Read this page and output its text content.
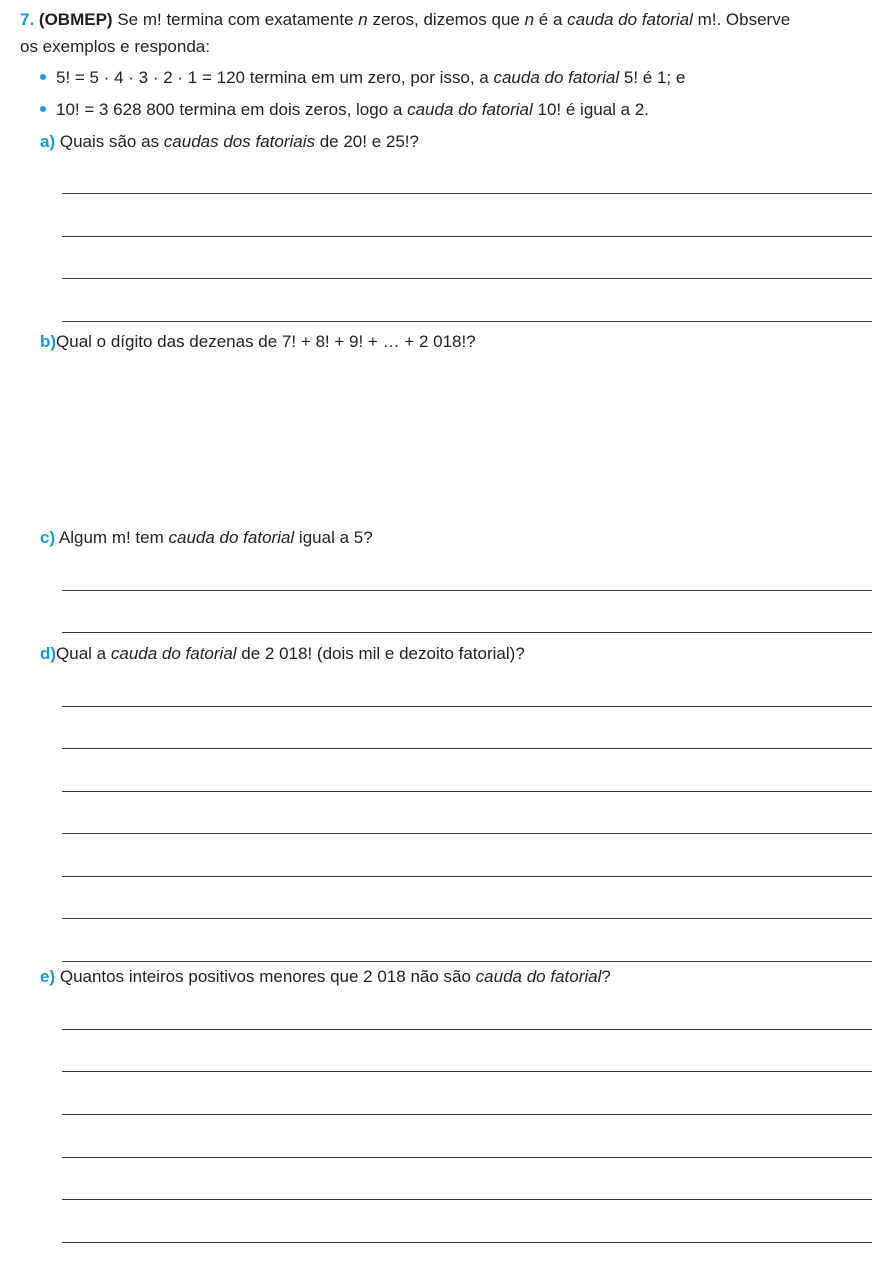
7. (OBMEP) Se m! termina com exatamente n zeros, dizemos que n é a cauda do fatorial m!. Observe
os exemplos e responda:
5! = 5 · 4 · 3 · 2 · 1 = 120 termina em um zero, por isso, a cauda do fatorial 5! é 1; e
10! = 3 628 800 termina em dois zeros, logo a cauda do fatorial 10! é igual a 2.
a) Quais são as caudas dos fatoriais de 20! e 25!?
b)Qual o dígito das dezenas de 7! + 8! + 9! + … + 2 018!?
c) Algum m! tem cauda do fatorial igual a 5?
d)Qual a cauda do fatorial de 2 018! (dois mil e dezoito fatorial)?
e) Quantos inteiros positivos menores que 2 018 não são cauda do fatorial?
